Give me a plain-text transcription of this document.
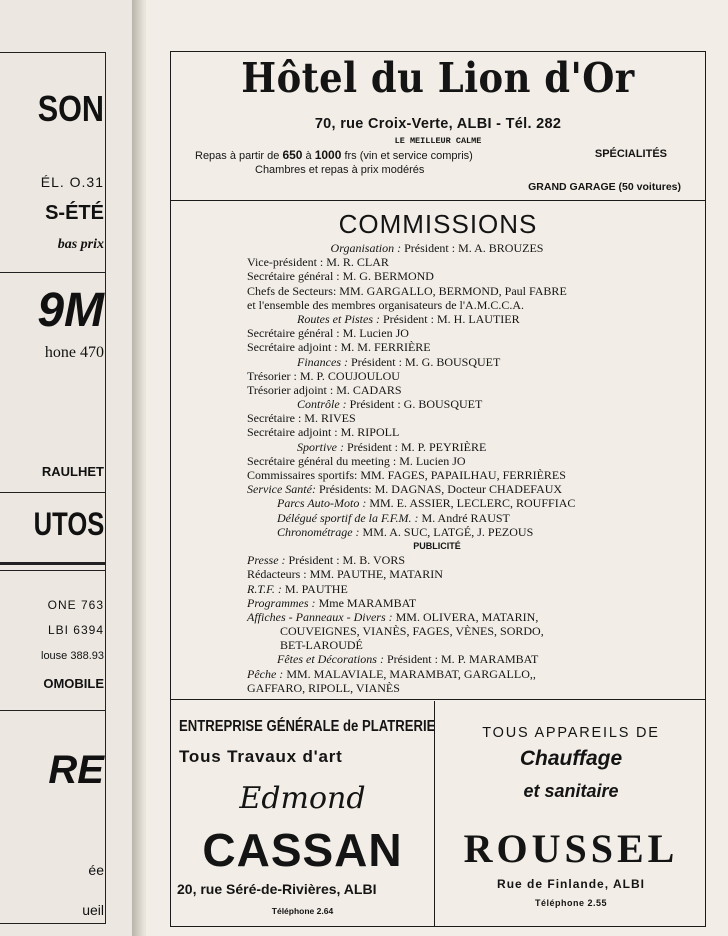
SON
ÉL. O.31
S-ÉTÉ
bas prix
9M
hone 470
RAULHET
UTOS
ONE 763
LBI 6394
louse 388.93
OMOBILE
RE
ée
ueil
Hôtel du Lion d'Or
70, rue Croix-Verte, ALBI - Tél. 282
LE MEILLEUR CALME
Repas à partir de 650 à 1000 frs (vin et service compris)	SPÉCIALITÉS
Chambres et repas à prix modérés
GRAND GARAGE (50 voitures)
COMMISSIONS
Organisation : Président : M. A. BROUZES
Vice-président : M. R. CLAR
Secrétaire général : M. G. BERMOND
Chefs de Secteurs: MM. GARGALLO, BERMOND, Paul FABRE
et l'ensemble des membres organisateurs de l'A.M.C.C.A.
Routes et Pistes : Président : M. H. LAUTIER
Secrétaire général : M. Lucien JO
Secrétaire adjoint : M. M. FERRIÈRE
Finances : Président : M. G. BOUSQUET
Trésorier : M. P. COUJOULOU
Trésorier adjoint : M. CADARS
Contrôle : Président : G. BOUSQUET
Secrétaire : M. RIVES
Secrétaire adjoint : M. RIPOLL
Sportive : Président : M. P. PEYRIÈRE
Secrétaire général du meeting : M. Lucien JO
Commissaires sportifs: MM. FAGES, PAPAILHAU, FERRIÈRES
Service Santé: Présidents: M. DAGNAS, Docteur CHADEFAUX
Parcs Auto-Moto : MM. E. ASSIER, LECLERC, ROUFFIAC
Délégué sportif de la F.F.M. : M. André RAUST
Chronométrage : MM. A. SUC, LATGÉ, J. PEZOUS
PUBLICITÉ
Presse : Président : M. B. VORS
Rédacteurs : MM. PAUTHE, MATARIN
R.T.F. : M. PAUTHE
Programmes : Mme MARAMBAT
Affiches - Panneaux - Divers : MM. OLIVERA, MATARIN,
COUVEIGNES, VIANÈS, FAGES, VÈNES, SORDO,
BET-LAROUDÉ
Fêtes et Décorations : Président : M. P. MARAMBAT
Pêche : MM. MALAVIALE, MARAMBAT, GARGALLO,,
GAFFARO, RIPOLL, VIANÈS
ENTREPRISE GÉNÉRALE de PLATRERIE
Tous Travaux d'art
Edmond
CASSAN
20, rue Séré-de-Rivières, ALBI
Téléphone 2.64
TOUS APPAREILS DE
Chauffage
et sanitaire
ROUSSEL
Rue de Finlande, ALBI
Téléphone 2.55
